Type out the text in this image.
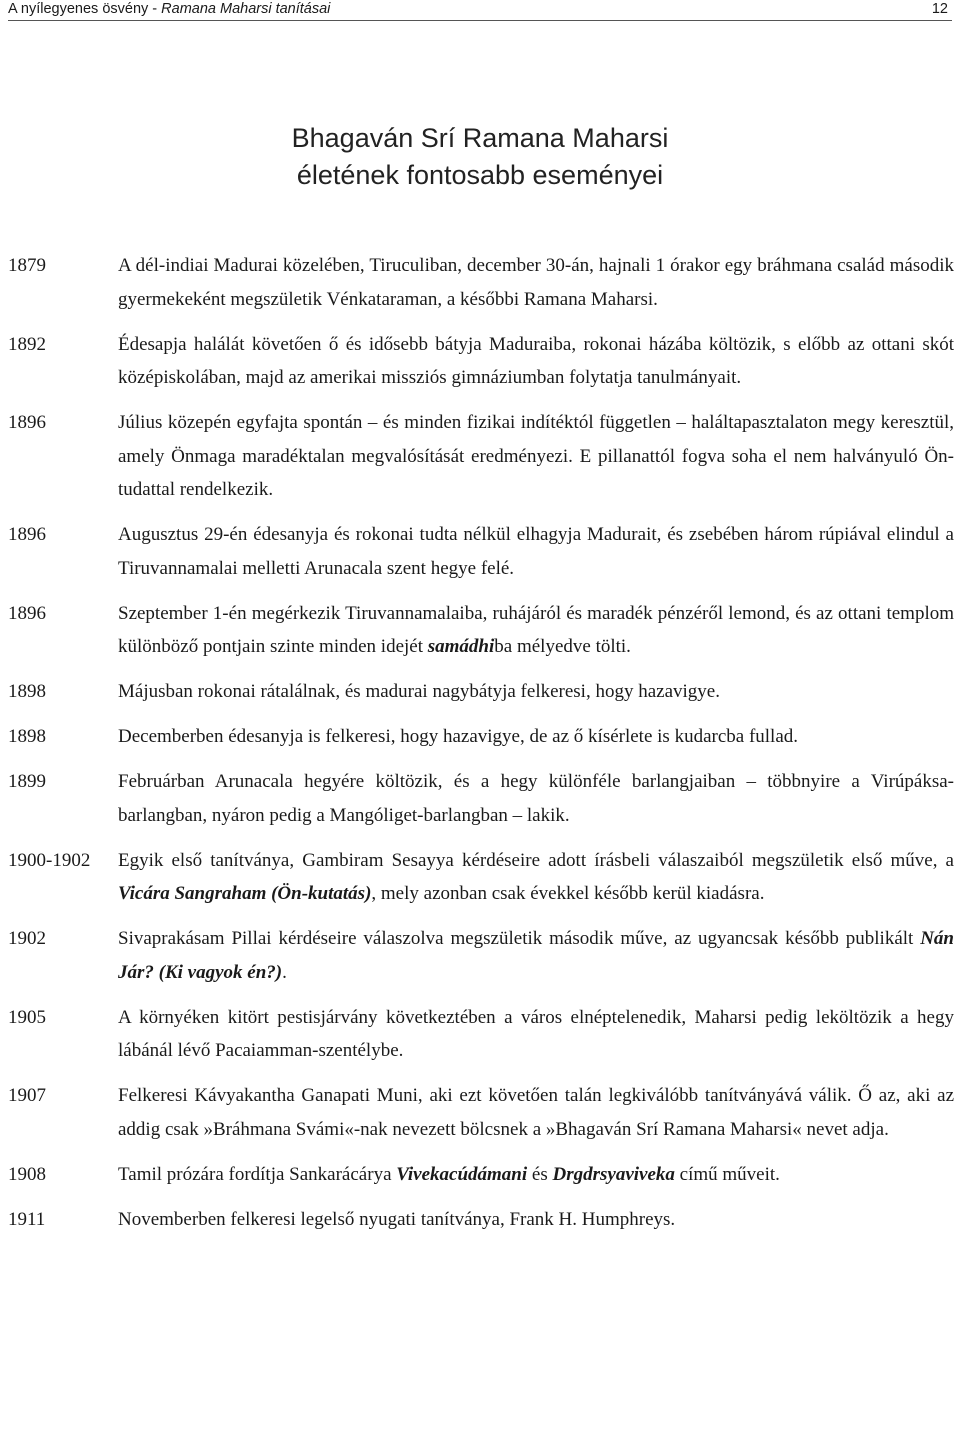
A nyílegyenes ösvény - Ramana Maharsi tanításai	12
Bhagaván Srí Ramana Maharsi
életének fontosabb eseményei
1879	A dél-indiai Madurai közelében, Tiruculiban, december 30-án, hajnali 1 órakor egy bráhmana család második gyermekeként megszületik Vénkataraman, a későbbi Ramana Maharsi.
1892	Édesapja halálát követően ő és idősebb bátyja Maduraiba, rokonai házába költözik, s előbb az ottani skót középiskolában, majd az amerikai missziós gimnáziumban folytatja tanulmányait.
1896	Július közepén egyfajta spontán – és minden fizikai indítéktól független – haláltapasztalaton megy keresztül, amely Önmaga maradéktalan megvalósítását eredményezi. E pillanattól fogva soha el nem halványuló Ön-tudattal rendelkezik.
1896	Augusztus 29-én édesanyja és rokonai tudta nélkül elhagyja Madurait, és zsebében három rúpiával elindul a Tiruvannamalai melletti Arunacala szent hegye felé.
1896	Szeptember 1-én megérkezik Tiruvannamalaiba, ruhájáról és maradék pénzéről lemond, és az ottani templom különböző pontjain szinte minden idejét samádhiba mélyedve tölti.
1898	Májusban rokonai rátalálnak, és madurai nagybátyja felkeresi, hogy hazavigye.
1898	Decemberben édesanyja is felkeresi, hogy hazavigye, de az ő kísérlete is kudarcba fullad.
1899	Februárban Arunacala hegyére költözik, és a hegy különféle barlangjaiban – többnyire a Virúpáksa-barlangban, nyáron pedig a Mangóliget-barlangban – lakik.
1900-1902	Egyik első tanítványa, Gambiram Sesayya kérdéseire adott írásbeli válaszaiból megszületik első műve, a Vicára Sangraham (Ön-kutatás), mely azonban csak évekkel később kerül kiadásra.
1902	Sivaprakásam Pillai kérdéseire válaszolva megszületik második műve, az ugyancsak később publikált Nán Jár? (Ki vagyok én?).
1905	A környéken kitört pestisjárvány következtében a város elnéptelenedik, Maharsi pedig leköltözik a hegy lábánál lévő Pacaiamman-szentélybe.
1907	Felkeresi Kávyakantha Ganapati Muni, aki ezt követően talán legkiválóbb tanítványává válik. Ő az, aki az addig csak »Bráhmana Svámi«-nak nevezett bölcsnek a »Bhagaván Srí Ramana Maharsi« nevet adja.
1908	Tamil prózára fordítja Sankarácárya Vivekacúdámani és Drgdrsyaviveka című műveit.
1911	Novemberben felkeresi legelső nyugati tanítványa, Frank H. Humphreys.
